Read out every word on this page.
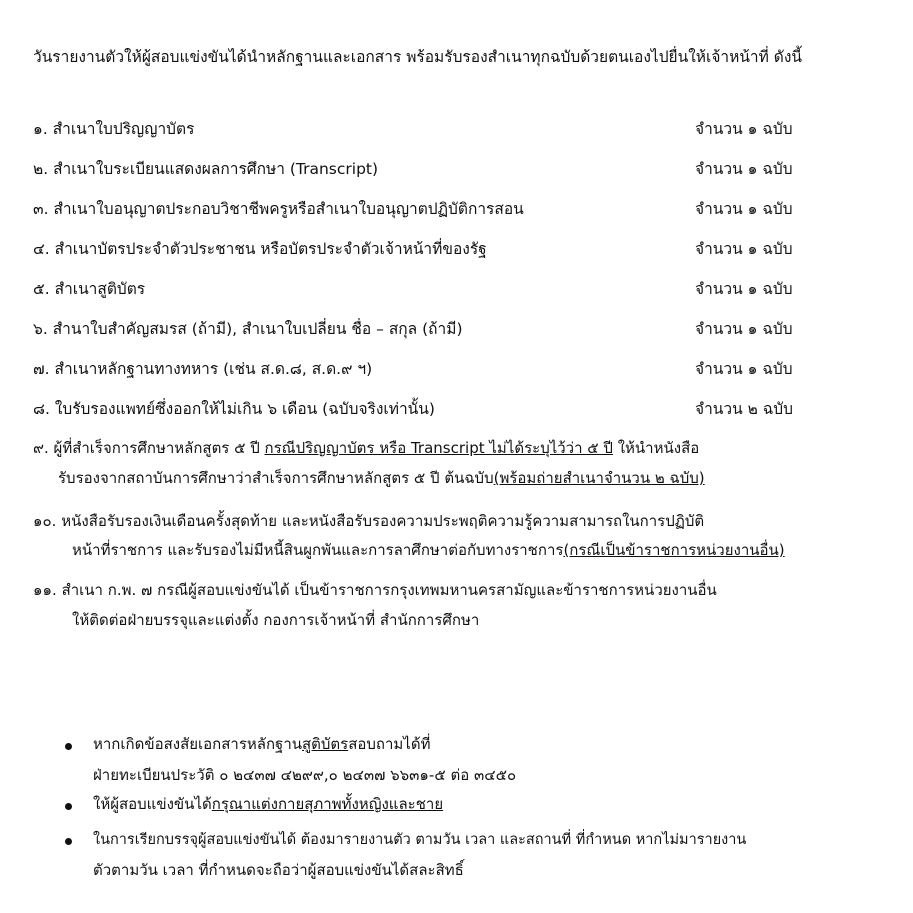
วันรายงานตัวให้ผู้สอบแข่งขันได้นำหลักฐานและเอกสาร พร้อมรับรองสำเนาทุกฉบับด้วยตนเองไปยื่นให้เจ้าหน้าที่ ดังนี้
๑. สำเนาใบปริญญาบัตร	จำนวน ๑ ฉบับ
๒. สำเนาใบระเบียนแสดงผลการศึกษา (Transcript)	จำนวน ๑ ฉบับ
๓. สำเนาใบอนุญาตประกอบวิชาชีพครูหรือสำเนาใบอนุญาตปฏิบัติการสอน	จำนวน ๑ ฉบับ
๔. สำเนาบัตรประจำตัวประชาชน หรือบัตรประจำตัวเจ้าหน้าที่ของรัฐ	จำนวน ๑ ฉบับ
๕. สำเนาสูติบัตร	จำนวน ๑ ฉบับ
๖. สำนาใบสำคัญสมรส (ถ้ามี), สำเนาใบเปลี่ยน ชื่อ – สกุล (ถ้ามี)	จำนวน ๑ ฉบับ
๗. สำเนาหลักฐานทางทหาร (เช่น ส.ด.๘, ส.ด.๙ ฯ)	จำนวน ๑ ฉบับ
๘. ใบรับรองแพทย์ซึ่งออกให้ไม่เกิน ๖ เดือน (ฉบับจริงเท่านั้น)	จำนวน ๒ ฉบับ
๙. ผู้ที่สำเร็จการศึกษาหลักสูตร ๕ ปี กรณีปริญญาบัตร หรือ Transcript ไม่ได้ระบุไว้ว่า ๕ ปี ให้นำหนังสือ
รับรองจากสถาบันการศึกษาว่าสำเร็จการศึกษาหลักสูตร ๕ ปี ต้นฉบับ(พร้อมถ่ายสำเนาจำนวน ๒ ฉบับ)
๑๐. หนังสือรับรองเงินเดือนครั้งสุดท้าย และหนังสือรับรองความประพฤติความรู้ความสามารถในการปฏิบัติ
หน้าที่ราชการ และรับรองไม่มีหนี้สินผูกพันและการลาศึกษาต่อกับทางราชการ(กรณีเป็นข้าราชการหน่วยงานอื่น)
๑๑. สำเนา ก.พ. ๗ กรณีผู้สอบแข่งขันได้ เป็นข้าราชการกรุงเทพมหานครสามัญและข้าราชการหน่วยงานอื่น
ให้ติดต่อฝ่ายบรรจุและแต่งตั้ง กองการเจ้าหน้าที่ สำนักการศึกษา
หากเกิดข้อสงสัยเอกสารหลักฐานสูติบัตรสอบถามได้ที่
ฝ่ายทะเบียนประวัติ ๐ ๒๔๓๗ ๔๒๙๙,๐ ๒๔๓๗ ๖๖๓๑-๕ ต่อ ๓๔๕๐
ให้ผู้สอบแข่งขันได้กรุณาแต่งกายสุภาพทั้งหญิงและชาย
ในการเรียกบรรจุผู้สอบแข่งขันได้ ต้องมารายงานตัว ตามวัน เวลา และสถานที่ ที่กำหนด หากไม่มารายงาน
ตัวตามวัน เวลา ที่กำหนดจะถือว่าผู้สอบแข่งขันได้สละสิทธิ์
